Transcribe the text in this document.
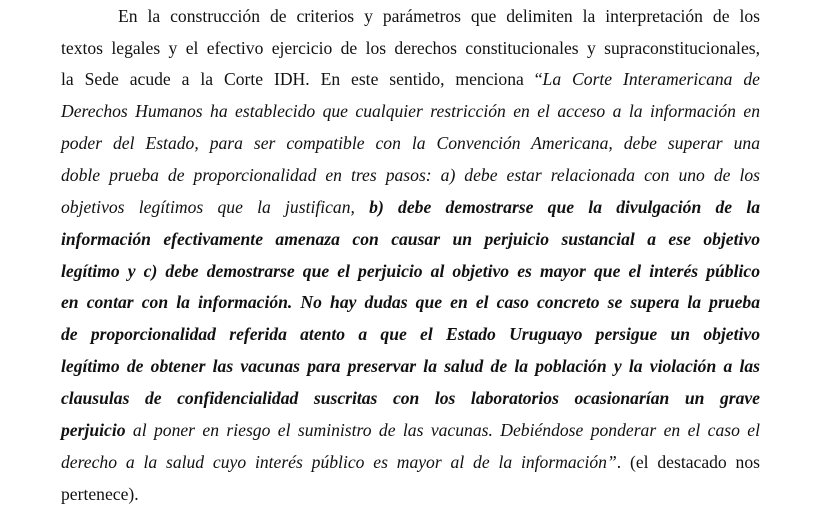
En la construcción de criterios y parámetros que delimiten la interpretación de los
textos legales y el efectivo ejercicio de los derechos constitucionales y supraconstitucionales,
la Sede acude a la Corte IDH. En este sentido, menciona “La Corte Interamericana de
Derechos Humanos ha establecido que cualquier restricción en el acceso a la información en
poder del Estado, para ser compatible con la Convención Americana, debe superar una
doble prueba de proporcionalidad en tres pasos: a) debe estar relacionada con uno de los
objetivos legítimos que la justifican, b) debe demostrarse que la divulgación de la
información efectivamente amenaza con causar un perjuicio sustancial a ese objetivo
legítimo y c) debe demostrarse que el perjuicio al objetivo es mayor que el interés público
en contar con la información. No hay dudas que en el caso concreto se supera la prueba
de proporcionalidad referida atento a que el Estado Uruguayo persigue un objetivo
legítimo de obtener las vacunas para preservar la salud de la población y la violación a las
clausulas de confidencialidad suscritas con los laboratorios ocasionarían un grave
perjuicio al poner en riesgo el suministro de las vacunas. Debiéndose ponderar en el caso el
derecho a la salud cuyo interés público es mayor al de la información”. (el destacado nos
pertenece).
